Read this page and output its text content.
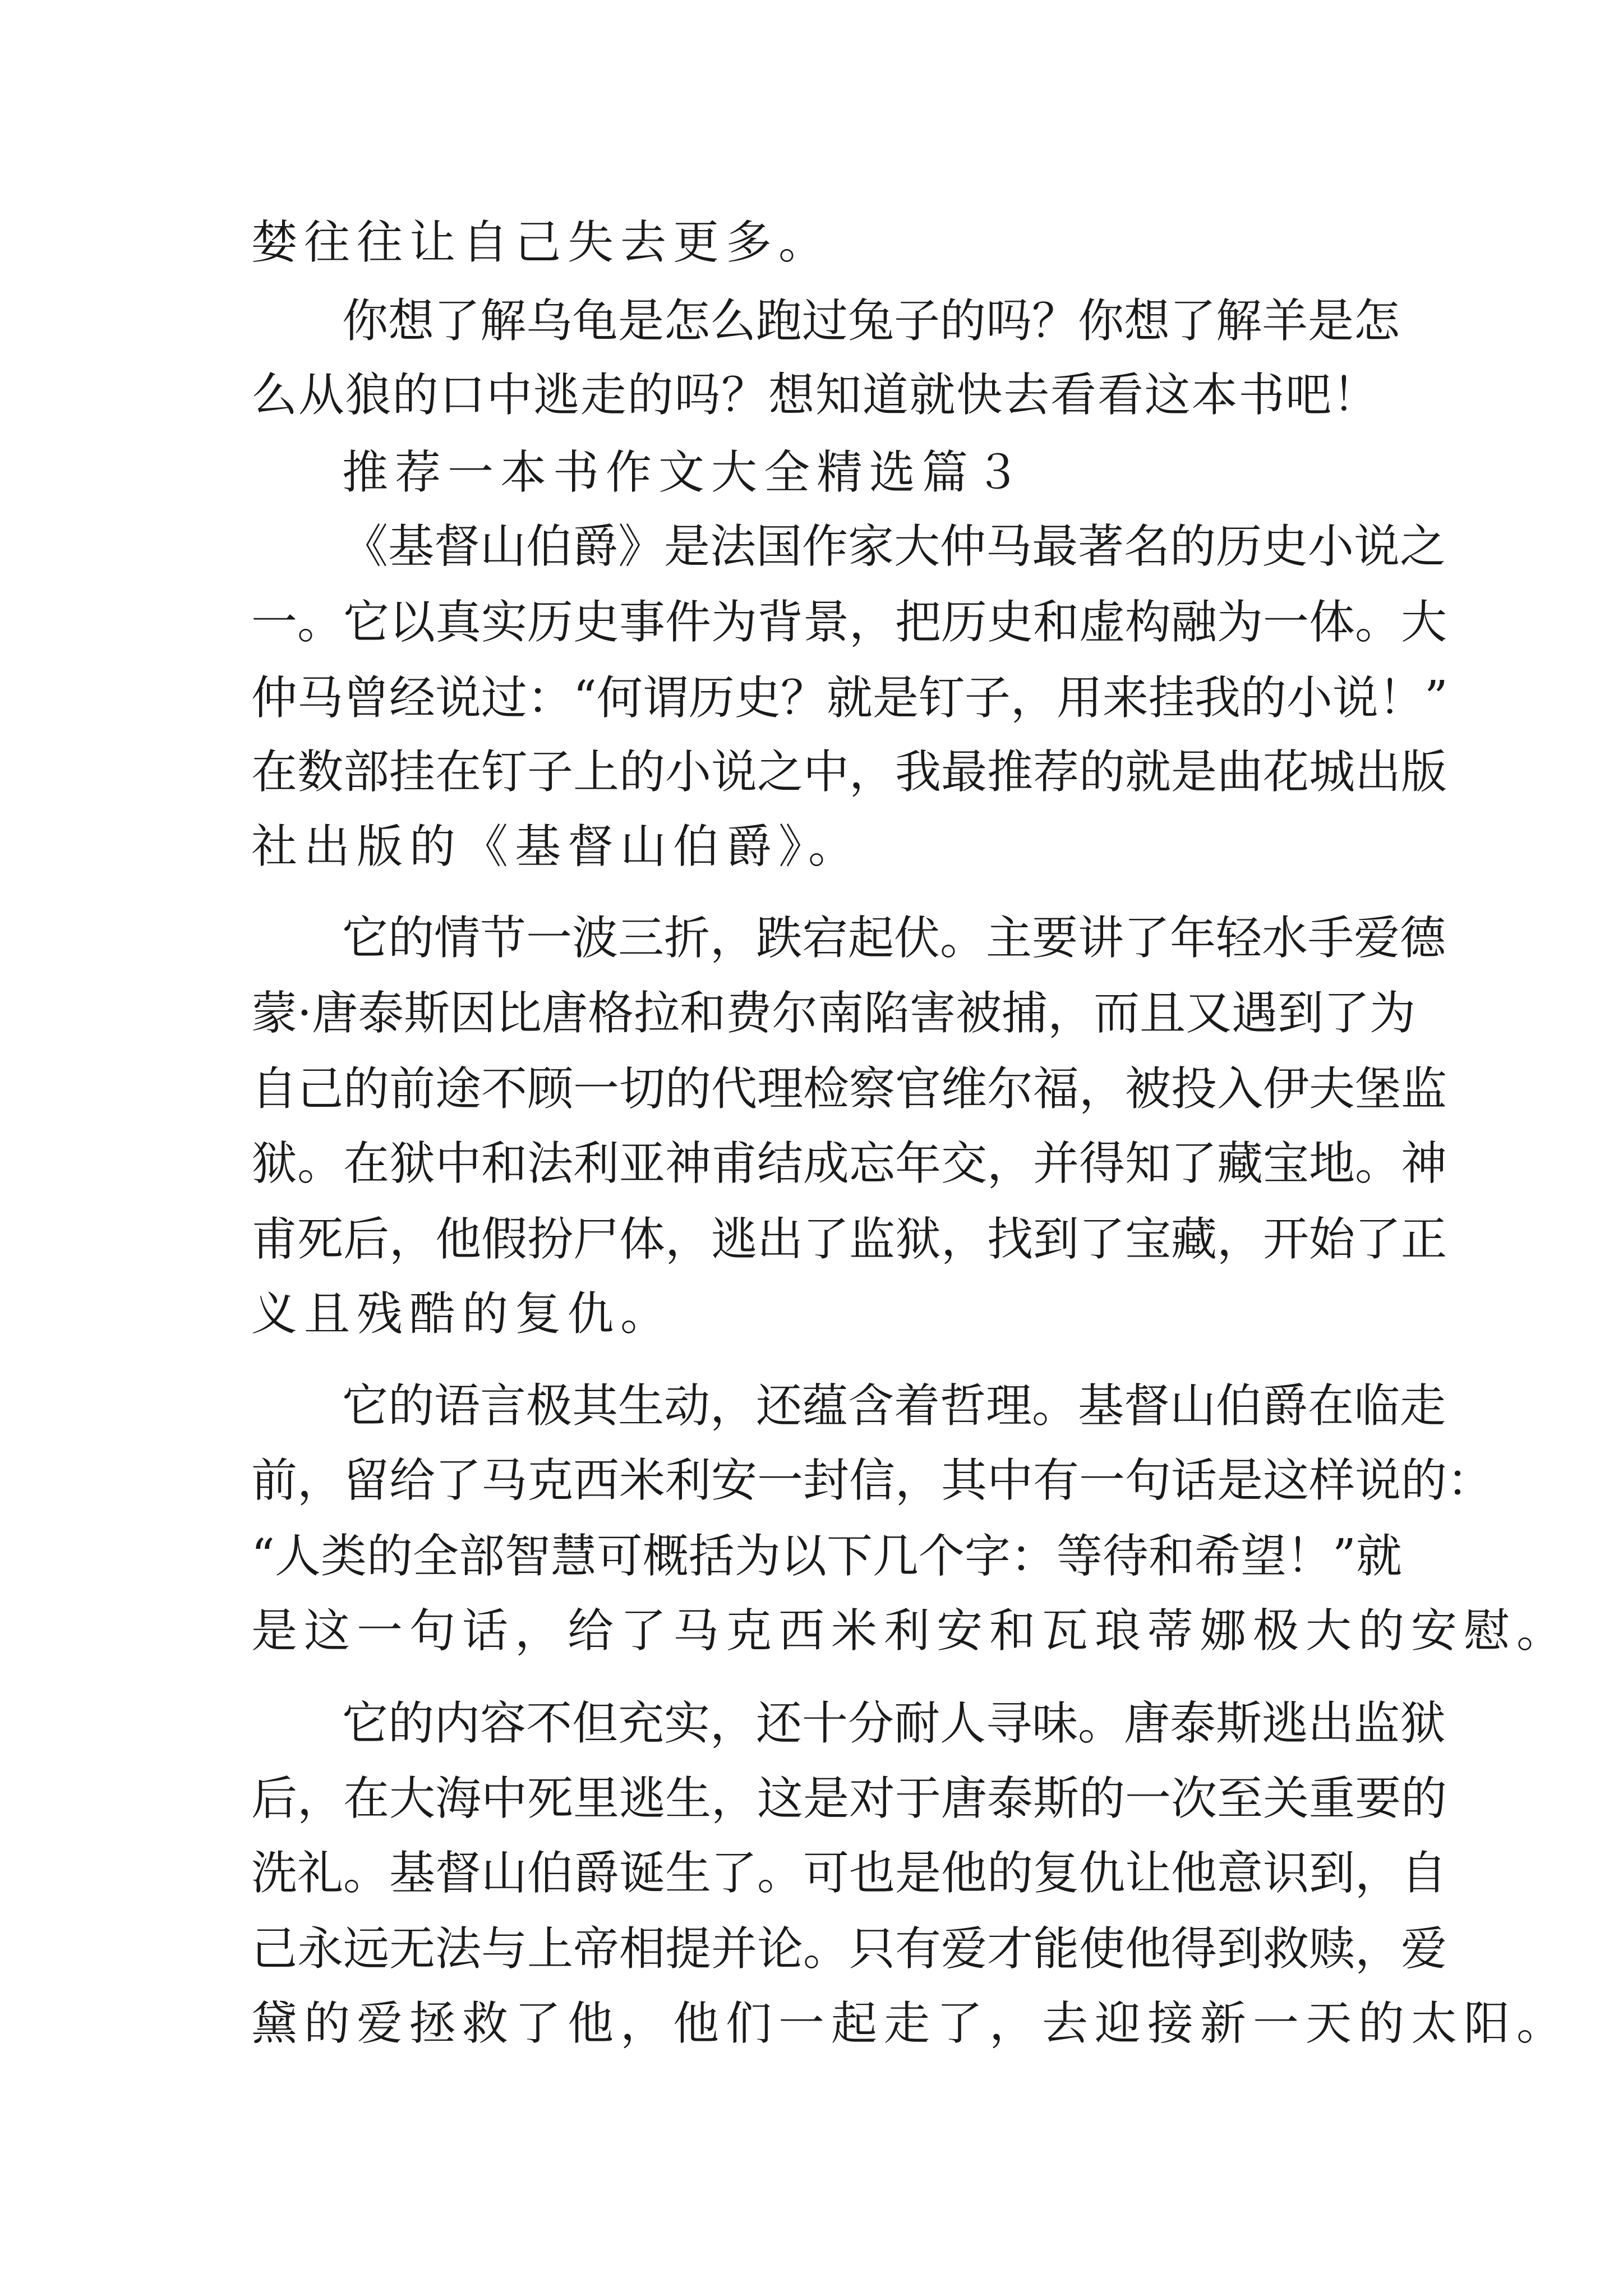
婪往往让自己失去更多。

你想了解乌龟是怎么跑过兔子的吗？你想了解羊是怎

么从狼的口中逃走的吗？想知道就快去看看这本书吧！

推荐一本书作文大全精选篇３

《基督山伯爵》是法国作家大仲马最著名的历史小说之

一。它以真实历史事件为背景，把历史和虚构融为一体。大

仲马曾经说过：“何谓历史？就是钉子，用来挂我的小说！”

在数部挂在钉子上的小说之中，我最推荐的就是曲花城出版

社出版的《基督山伯爵》。

它的情节一波三折，跌宕起伏。主要讲了年轻水手爱德

蒙·唐泰斯因比唐格拉和费尔南陷害被捕，而且又遇到了为

自己的前途不顾一切的代理检察官维尔福，被投入伊夫堡监

狱。在狱中和法利亚神甫结成忘年交，并得知了藏宝地。神

甫死后，他假扮尸体，逃出了监狱，找到了宝藏，开始了正

义且残酷的复仇。

它的语言极其生动，还蕴含着哲理。基督山伯爵在临走

前，留给了马克西米利安一封信，其中有一句话是这样说的：

“人类的全部智慧可概括为以下几个字：等待和希望！”就

是这一句话，给了马克西米利安和瓦琅蒂娜极大的安慰。

它的内容不但充实，还十分耐人寻味。唐泰斯逃出监狱

后，在大海中死里逃生，这是对于唐泰斯的一次至关重要的

洗礼。基督山伯爵诞生了。可也是他的复仇让他意识到，自

己永远无法与上帝相提并论。只有爱才能使他得到救赎，爱

黛的爱拯救了他，他们一起走了，去迎接新一天的太阳。
